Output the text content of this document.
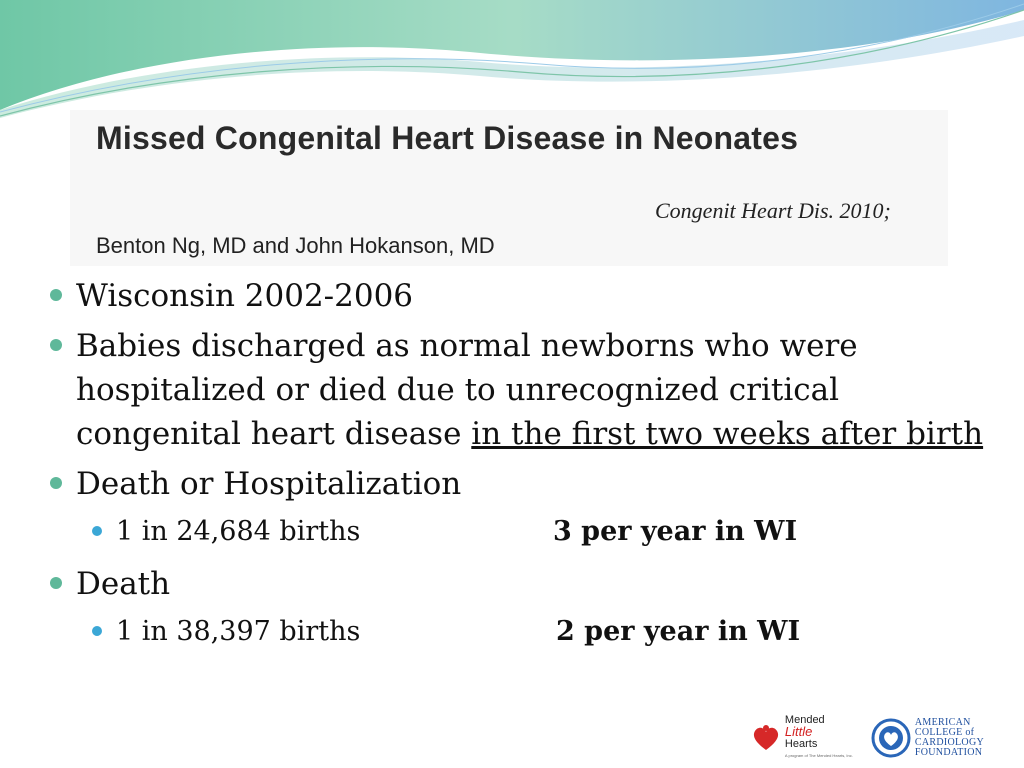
Missed Congenital Heart Disease in Neonates
Congenit Heart Dis. 2010;
Benton Ng, MD and John Hokanson, MD
Wisconsin 2002-2006
Babies discharged as normal newborns who were hospitalized or died due to unrecognized critical congenital heart disease in the first two weeks after birth
Death or Hospitalization
1 in 24,684 births	3 per year in WI
Death
1 in 38,397 births	2 per year in WI
Mended
Little
Hearts
A program of The Mended Hearts, Inc.
AMERICAN
COLLEGE of
CARDIOLOGY
FOUNDATION
